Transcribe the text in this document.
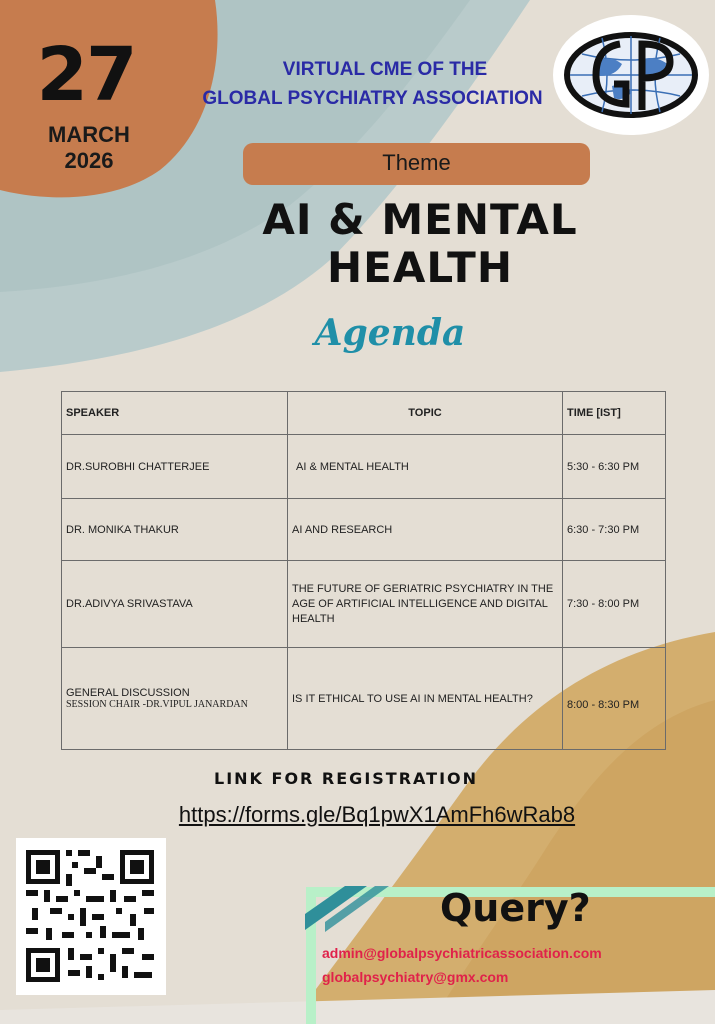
27
MARCH
2026
VIRTUAL CME OF THE
GLOBAL PSYCHIATRY ASSOCIATION
Theme
AI & MENTAL
HEALTH
Agenda
SPEAKER	TOPIC	TIME [IST]
DR.SUROBHI CHATTERJEE	AI & MENTAL HEALTH	5:30 - 6:30 PM
DR. MONIKA THAKUR	AI AND RESEARCH	6:30 - 7:30 PM
DR.ADIVYA SRIVASTAVA	THE FUTURE OF GERIATRIC PSYCHIATRY IN THE AGE OF ARTIFICIAL INTELLIGENCE AND DIGITAL HEALTH	7:30 - 8:00 PM

GENERAL DISCUSSION
SESSION CHAIR -DR.VIPUL JANARDAN	IS IT ETHICAL TO USE AI IN MENTAL HEALTH?	8:00 - 8:30 PM
LINK FOR REGISTRATION
https://forms.gle/Bq1pwX1AmFh6wRab8
Query?
admin@globalpsychiatricassociation.com
globalpsychiatry@gmx.com
